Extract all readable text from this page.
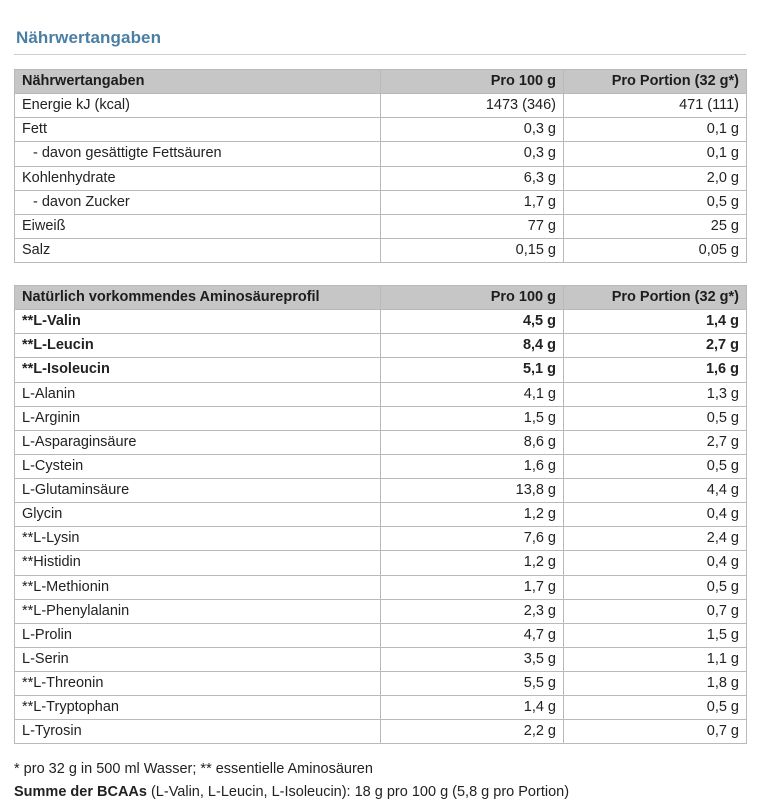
Nährwertangaben
Nährwertangaben	Pro 100 g	Pro Portion (32 g*)
Energie kJ (kcal)	1473 (346)	471 (111)
Fett	0,3 g	0,1 g
- davon gesättigte Fettsäuren	0,3 g	0,1 g
Kohlenhydrate	6,3 g	2,0 g
- davon Zucker	1,7 g	0,5 g
Eiweiß	77 g	25 g
Salz	0,15 g	0,05 g
Natürlich vorkommendes Aminosäureprofil	Pro 100 g	Pro Portion (32 g*)
**L-Valin	4,5 g	1,4 g
**L-Leucin	8,4 g	2,7 g
**L-Isoleucin	5,1 g	1,6 g
L-Alanin	4,1 g	1,3 g
L-Arginin	1,5 g	0,5 g
L-Asparaginsäure	8,6 g	2,7 g
L-Cystein	1,6 g	0,5 g
L-Glutaminsäure	13,8 g	4,4 g
Glycin	1,2 g	0,4 g
**L-Lysin	7,6 g	2,4 g
**Histidin	1,2 g	0,4 g
**L-Methionin	1,7 g	0,5 g
**L-Phenylalanin	2,3 g	0,7 g
L-Prolin	4,7 g	1,5 g
L-Serin	3,5 g	1,1 g
**L-Threonin	5,5 g	1,8 g
**L-Tryptophan	1,4 g	0,5 g
L-Tyrosin	2,2 g	0,7 g
* pro 32 g in 500 ml Wasser; ** essentielle Aminosäuren
Summe der BCAAs (L-Valin, L-Leucin, L-Isoleucin): 18 g pro 100 g (5,8 g pro Portion)
